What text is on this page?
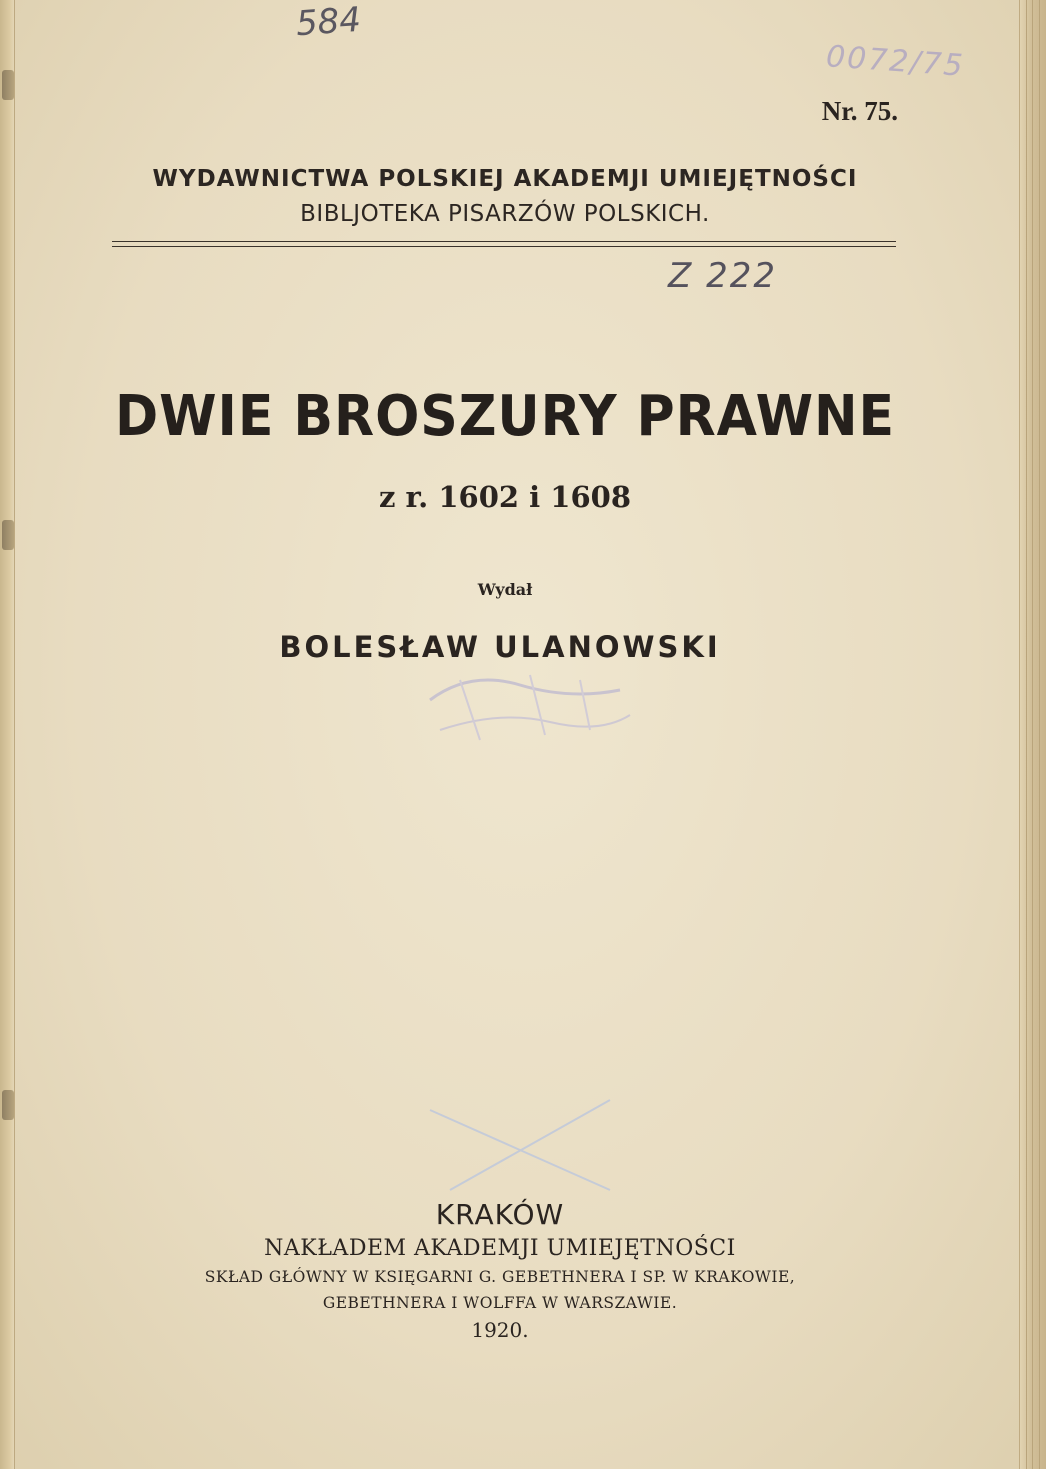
584
0072/75
Nr. 75.
WYDAWNICTWA POLSKIEJ AKADEMJI UMIEJĘTNOŚCI
BIBLJOTEKA PISARZÓW POLSKICH.
Z 222
DWIE BROSZURY PRAWNE
z r. 1602 i 1608
Wydał
BOLESŁAW ULANOWSKI
KRAKÓW
NAKŁADEM AKADEMJI UMIEJĘTNOŚCI
SKŁAD GŁÓWNY W KSIĘGARNI G. GEBETHNERA I SP. W KRAKOWIE,
GEBETHNERA I WOLFFA W WARSZAWIE.
1920.
